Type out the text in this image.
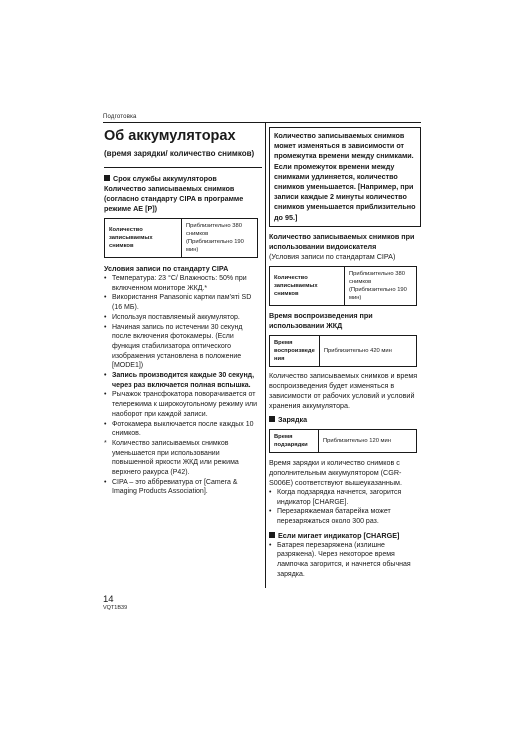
Подготовка
Об аккумуляторах
(время зарядки/ количество снимков)
Срок службы аккумуляторов
Количество записываемых снимков (согласно стандарту CIPA в программе режиме AE [P])
Количество записываемых снимков	Приблизительно 380 снимков (Приблизительно 190 мин)
Условия записи по стандарту CIPA
• Температура: 23 °C/ Влажность: 50% при включенном мониторе ЖКД.*
• Використання Panasonic картки пам’яті SD (16 МБ).
• Используя поставляемый аккумулятор.
• Начиная запись по истечении 30 секунд после включения фотокамеры. (Если функция стабилизатора оптического изображения установлена в положение [MODE1])
• Запись производится каждые 30 секунд, через раз включается полная вспышка.
• Рычажок трансфокатора поворачивается от телережима к широкоугольному режиму или наоборот при каждой записи.
• Фотокамера выключается после каждых 10 снимков.
* Количество записываемых снимков уменьшается при использовании повышенной яркости ЖКД или режима верхнего ракурса (P42).
• CIPA – это аббревиатура от [Camera & Imaging Products Association].
Количество записываемых снимков может изменяться в зависимости от промежутка времени между снимками. Если промежуток времени между снимками удлиняется, количество снимков уменьшается. [Например, при записи каждые 2 минуты количество снимков уменьшается приблизительно до 95.]
Количество записываемых снимков при использовании видоискателя
(Условия записи по стандартам CIPA)
Количество записываемых снимков	Приблизительно 380 снимков (Приблизительно 190 мин)
Время воспроизведения при использовании ЖКД
Время воспроизведе ния	Приблизительно 420 мин
Количество записываемых снимков и время воспроизведения будет изменяться в зависимости от рабочих условий и условий хранения аккумулятора.
Зарядка
Время подзарядки	Приблизительно 120 мин
Время зарядки и количество снимков с дополнительным аккумулятором (CGR-S006E) соответствуют вышеуказанным.
• Когда подзарядка начнется, загорится индикатор [CHARGE].
• Перезаряжаемая батарейка может перезаряжаться около 300 раз.
Если мигает индикатор [CHARGE]
• Батарея перезаряжена (излишне разряжена). Через некоторое время лампочка загорится, и начнется обычная зарядка.
14
VQT1B39
